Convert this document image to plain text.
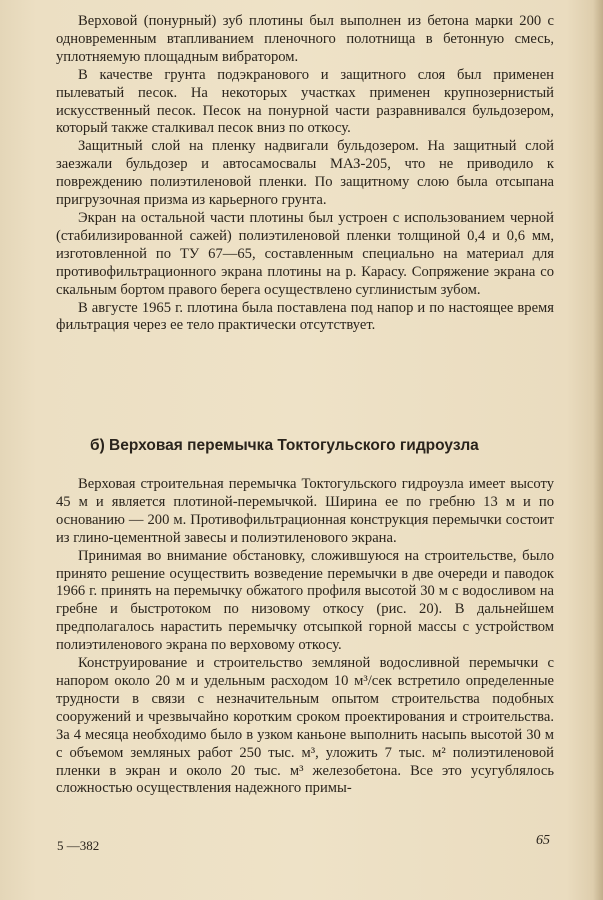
Верховой (понурный) зуб плотины был выполнен из бетона марки 200 с одновременным втапливанием пленочного полотнища в бетонную смесь, уплотняемую площадным вибратором.

В качестве грунта подэкранового и защитного слоя был применен пылеватый песок. На некоторых участках применен крупнозернистый искусственный песок. Песок на понурной части разравнивался бульдозером, который также сталкивал песок вниз по откосу.

Защитный слой на пленку надвигали бульдозером. На защитный слой заезжали бульдозер и автосамосвалы МАЗ-205, что не приводило к повреждению полиэтиленовой пленки. По защитному слою была отсыпана пригрузочная призма из карьерного грунта.

Экран на остальной части плотины был устроен с использованием черной (стабилизированной сажей) полиэтиленовой пленки толщиной 0,4 и 0,6 мм, изготовленной по ТУ 67—65, составленным специально на материал для противофильтрационного экрана плотины на р. Карасу. Сопряжение экрана со скальным бортом правого берега осуществлено суглинистым зубом.

В августе 1965 г. плотина была поставлена под напор и по настоящее время фильтрация через ее тело практически отсутствует.

б) Верховая перемычка Токтогульского гидроузла

Верховая строительная перемычка Токтогульского гидроузла имеет высоту 45 м и является плотиной-перемычкой. Ширина ее по гребню 13 м и по основанию — 200 м. Противофильтрационная конструкция перемычки состоит из глино-цементной завесы и полиэтиленового экрана.

Принимая во внимание обстановку, сложившуюся на строительстве, было принято решение осуществить возведение перемычки в две очереди и паводок 1966 г. принять на перемычку обжатого профиля высотой 30 м с водосливом на гребне и быстротоком по низовому откосу (рис. 20). В дальнейшем предполагалось нарастить перемычку отсыпкой горной массы с устройством полиэтиленового экрана по верховому откосу.

Конструирование и строительство земляной водосливной перемычки с напором около 20 м и удельным расходом 10 м³/сек встретило определенные трудности в связи с незначительным опытом строительства подобных сооружений и чрезвычайно коротким сроком проектирования и строительства. За 4 месяца необходимо было в узком каньоне выполнить насыпь высотой 30 м с объемом земляных работ 250 тыс. м³, уложить 7 тыс. м² полиэтиленовой пленки в экран и около 20 тыс. м³ железобетона. Все это усугублялось сложностью осуществления надежного примы-

5 —382	65
